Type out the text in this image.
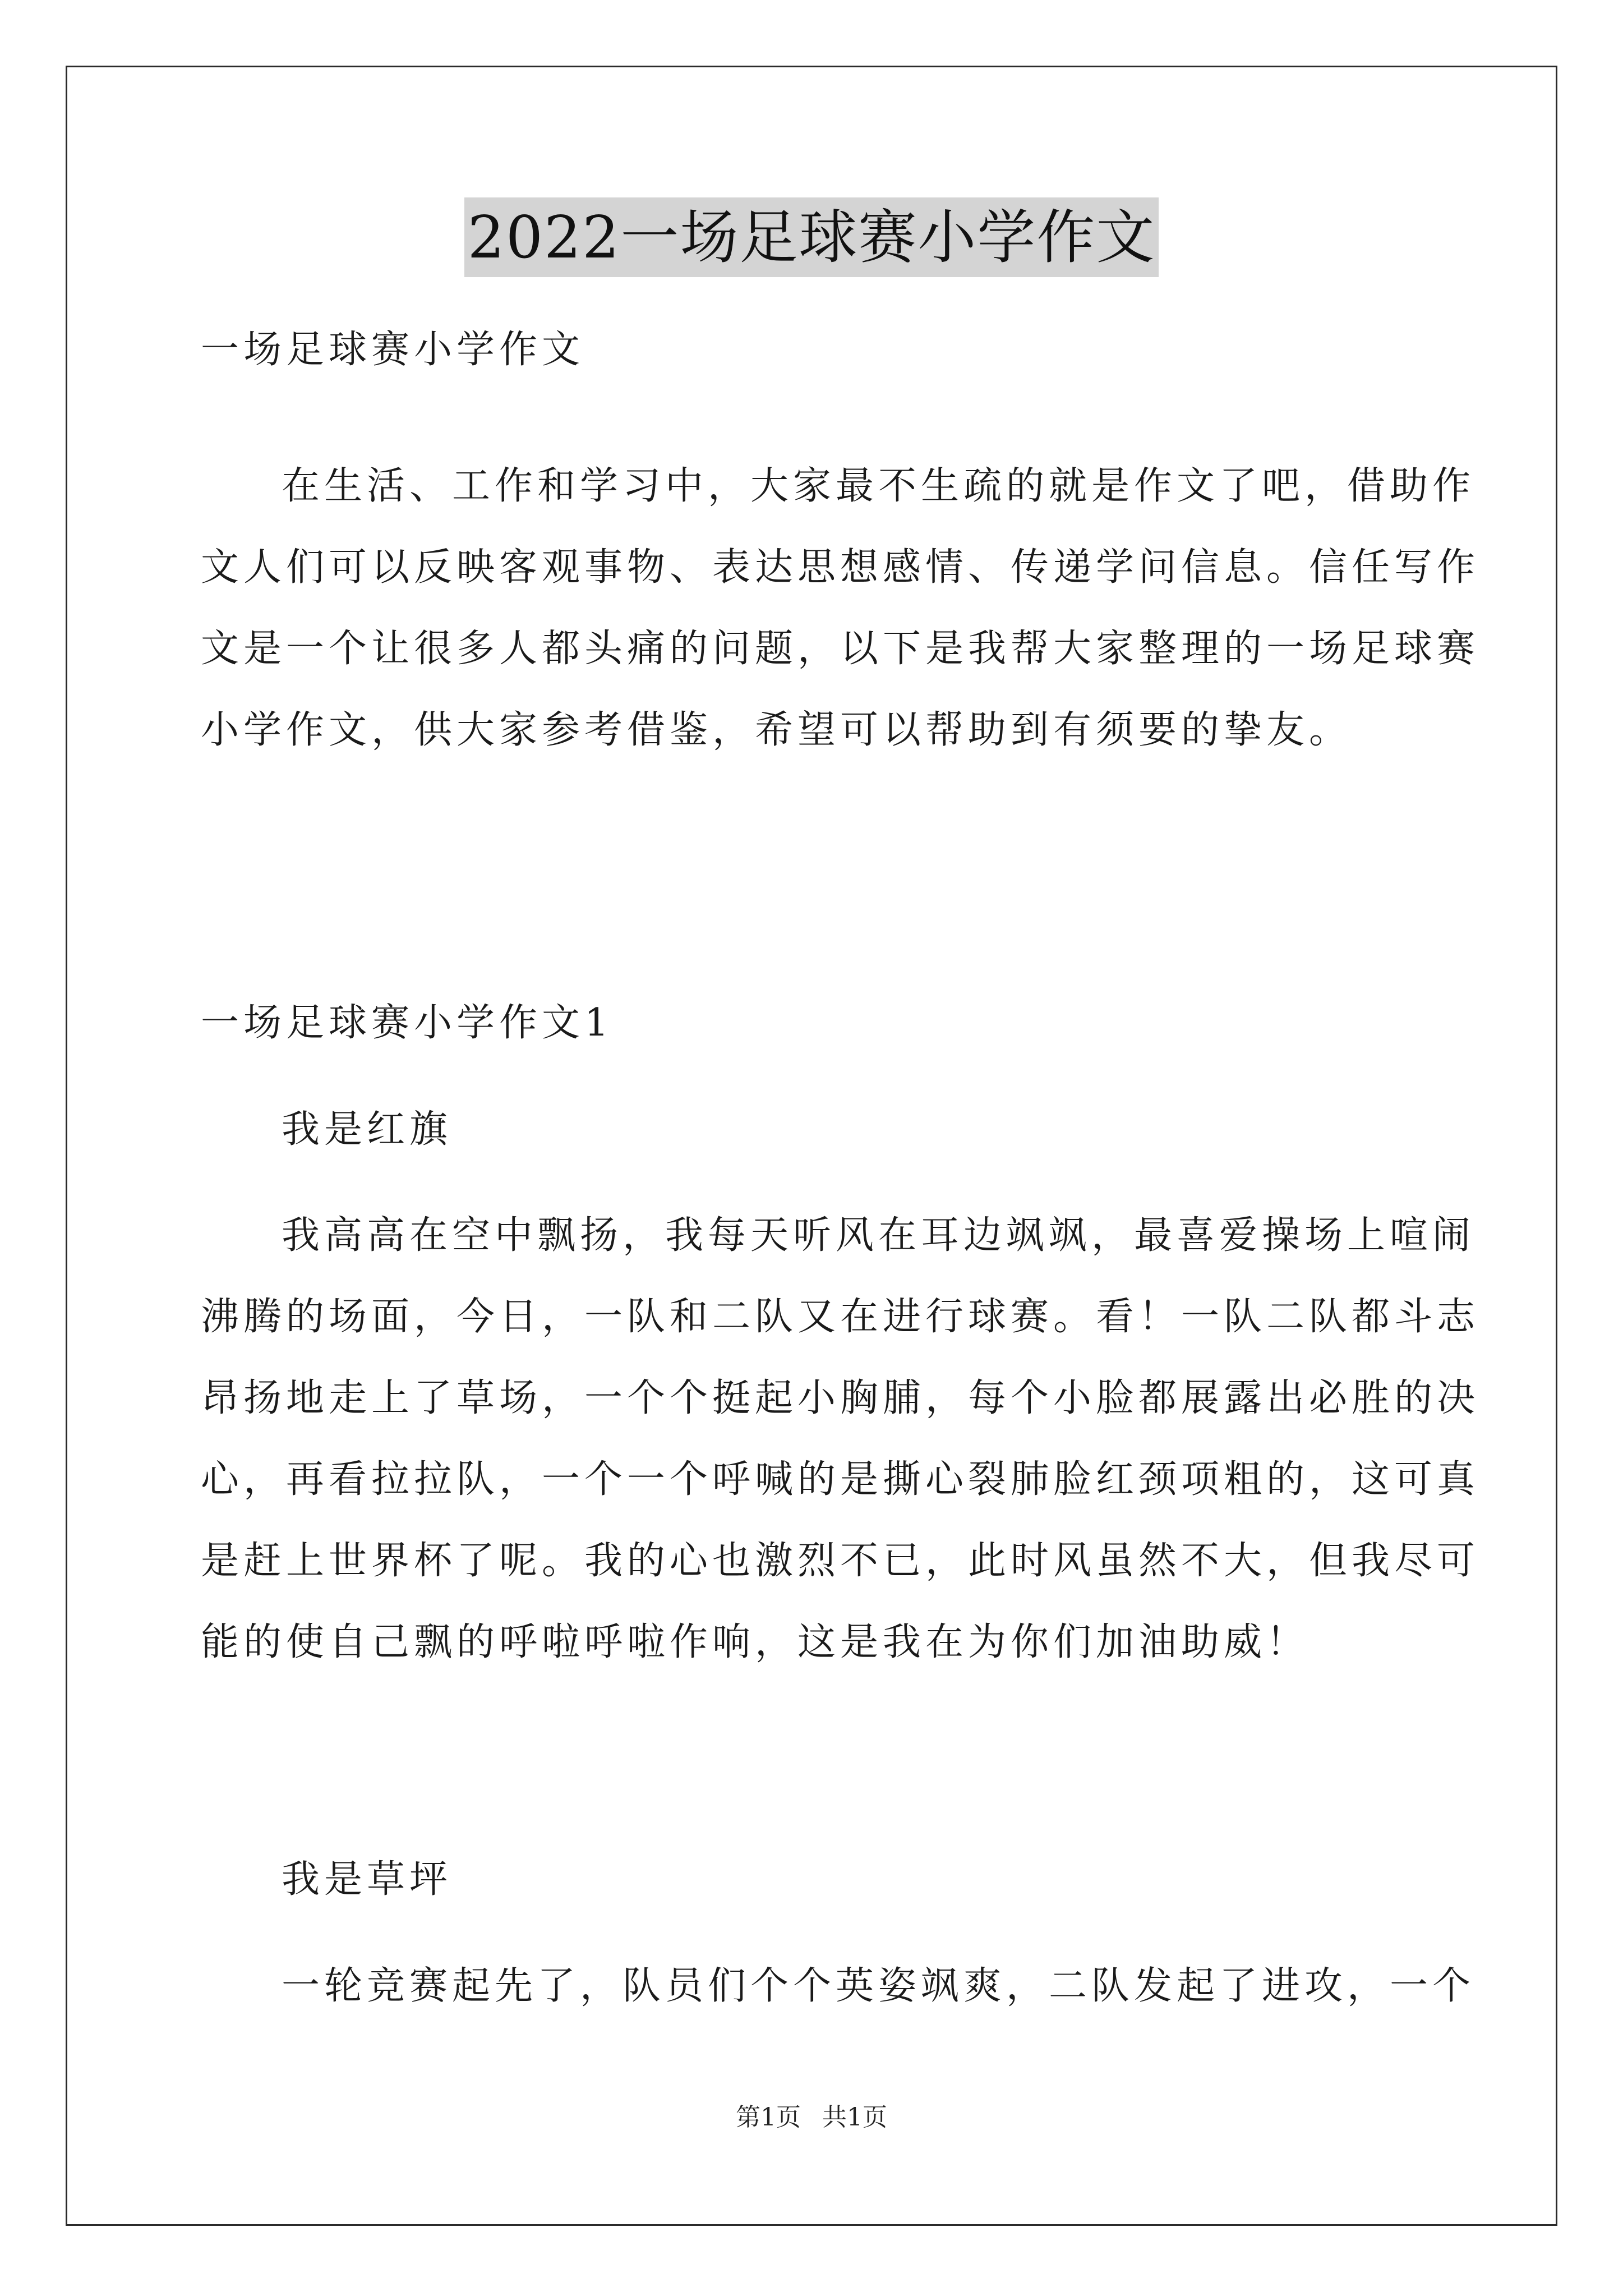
2022一场足球赛小学作文
一场足球赛小学作文
在生活、工作和学习中，大家最不生疏的就是作文了吧，借助作
文人们可以反映客观事物、表达思想感情、传递学问信息。信任写作
文是一个让很多人都头痛的问题，以下是我帮大家整理的一场足球赛
小学作文，供大家参考借鉴，希望可以帮助到有须要的挚友。
一场足球赛小学作文1
我是红旗
我高高在空中飘扬，我每天听风在耳边飒飒，最喜爱操场上喧闹
沸腾的场面，今日，一队和二队又在进行球赛。看！一队二队都斗志
昂扬地走上了草场，一个个挺起小胸脯，每个小脸都展露出必胜的决
心，再看拉拉队，一个一个呼喊的是撕心裂肺脸红颈项粗的，这可真
是赶上世界杯了呢。我的心也激烈不已，此时风虽然不大，但我尽可
能的使自己飘的呼啦呼啦作响，这是我在为你们加油助威！
我是草坪
一轮竞赛起先了，队员们个个英姿飒爽，二队发起了进攻，一个
第1页 共1页
